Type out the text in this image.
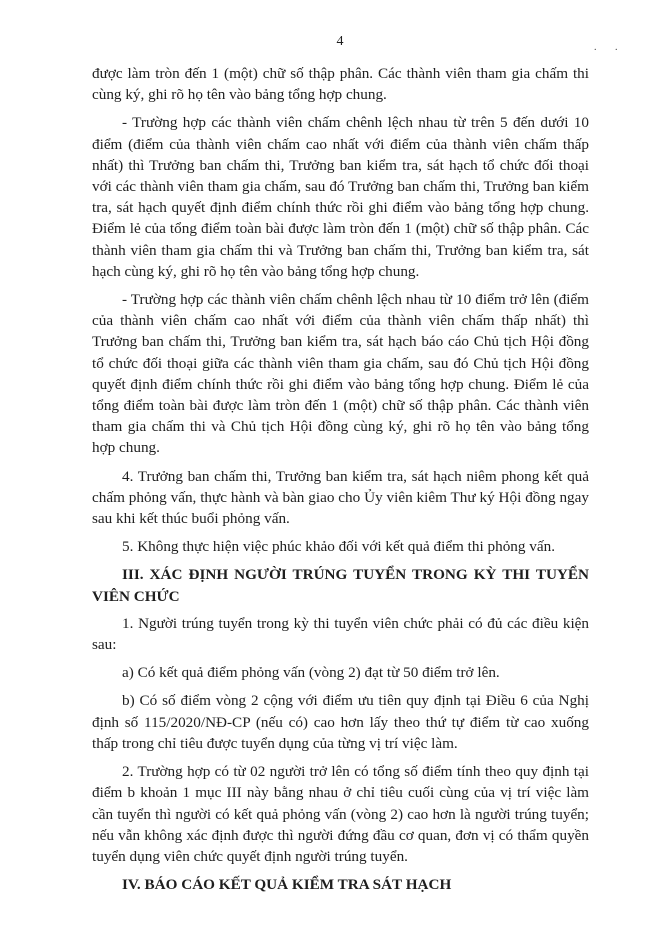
4	. .

được làm tròn đến 1 (một) chữ số thập phân. Các thành viên tham gia chấm thi cùng ký, ghi rõ họ tên vào bảng tổng hợp chung.

- Trường hợp các thành viên chấm chênh lệch nhau từ trên 5 đến dưới 10 điểm (điểm của thành viên chấm cao nhất với điểm của thành viên chấm thấp nhất) thì Trưởng ban chấm thi, Trưởng ban kiểm tra, sát hạch tổ chức đối thoại với các thành viên tham gia chấm, sau đó Trưởng ban chấm thi, Trưởng ban kiểm tra, sát hạch quyết định điểm chính thức rồi ghi điểm vào bảng tổng hợp chung. Điểm lẻ của tổng điểm toàn bài được làm tròn đến 1 (một) chữ số thập phân. Các thành viên tham gia chấm thi và Trưởng ban chấm thi, Trưởng ban kiểm tra, sát hạch cùng ký, ghi rõ họ tên vào bảng tổng hợp chung.

- Trường hợp các thành viên chấm chênh lệch nhau từ 10 điểm trở lên (điểm của thành viên chấm cao nhất với điểm của thành viên chấm thấp nhất) thì Trưởng ban chấm thi, Trưởng ban kiểm tra, sát hạch báo cáo Chủ tịch Hội đồng tổ chức đối thoại giữa các thành viên tham gia chấm, sau đó Chủ tịch Hội đồng quyết định điểm chính thức rồi ghi điểm vào bảng tổng hợp chung. Điểm lẻ của tổng điểm toàn bài được làm tròn đến 1 (một) chữ số thập phân. Các thành viên tham gia chấm thi và Chủ tịch Hội đồng cùng ký, ghi rõ họ tên vào bảng tổng hợp chung.

4. Trưởng ban chấm thi, Trưởng ban kiểm tra, sát hạch niêm phong kết quả chấm phỏng vấn, thực hành và bàn giao cho Ủy viên kiêm Thư ký Hội đồng ngay sau khi kết thúc buổi phỏng vấn.

5. Không thực hiện việc phúc khảo đối với kết quả điểm thi phỏng vấn.

III. XÁC ĐỊNH NGƯỜI TRÚNG TUYỂN TRONG KỲ THI TUYỂN VIÊN CHỨC

1. Người trúng tuyển trong kỳ thi tuyển viên chức phải có đủ các điều kiện sau:

a) Có kết quả điểm phỏng vấn (vòng 2) đạt từ 50 điểm trở lên.

b) Có số điểm vòng 2 cộng với điểm ưu tiên quy định tại Điều 6 của Nghị định số 115/2020/NĐ-CP (nếu có) cao hơn lấy theo thứ tự điểm từ cao xuống thấp trong chỉ tiêu được tuyển dụng của từng vị trí việc làm.

2. Trường hợp có từ 02 người trở lên có tổng số điểm tính theo quy định tại điểm b khoản 1 mục III này bằng nhau ở chỉ tiêu cuối cùng của vị trí việc làm cần tuyển thì người có kết quả phỏng vấn (vòng 2) cao hơn là người trúng tuyển; nếu vẫn không xác định được thì người đứng đầu cơ quan, đơn vị có thẩm quyền tuyển dụng viên chức quyết định người trúng tuyển.

IV. BÁO CÁO KẾT QUẢ KIỂM TRA SÁT HẠCH
